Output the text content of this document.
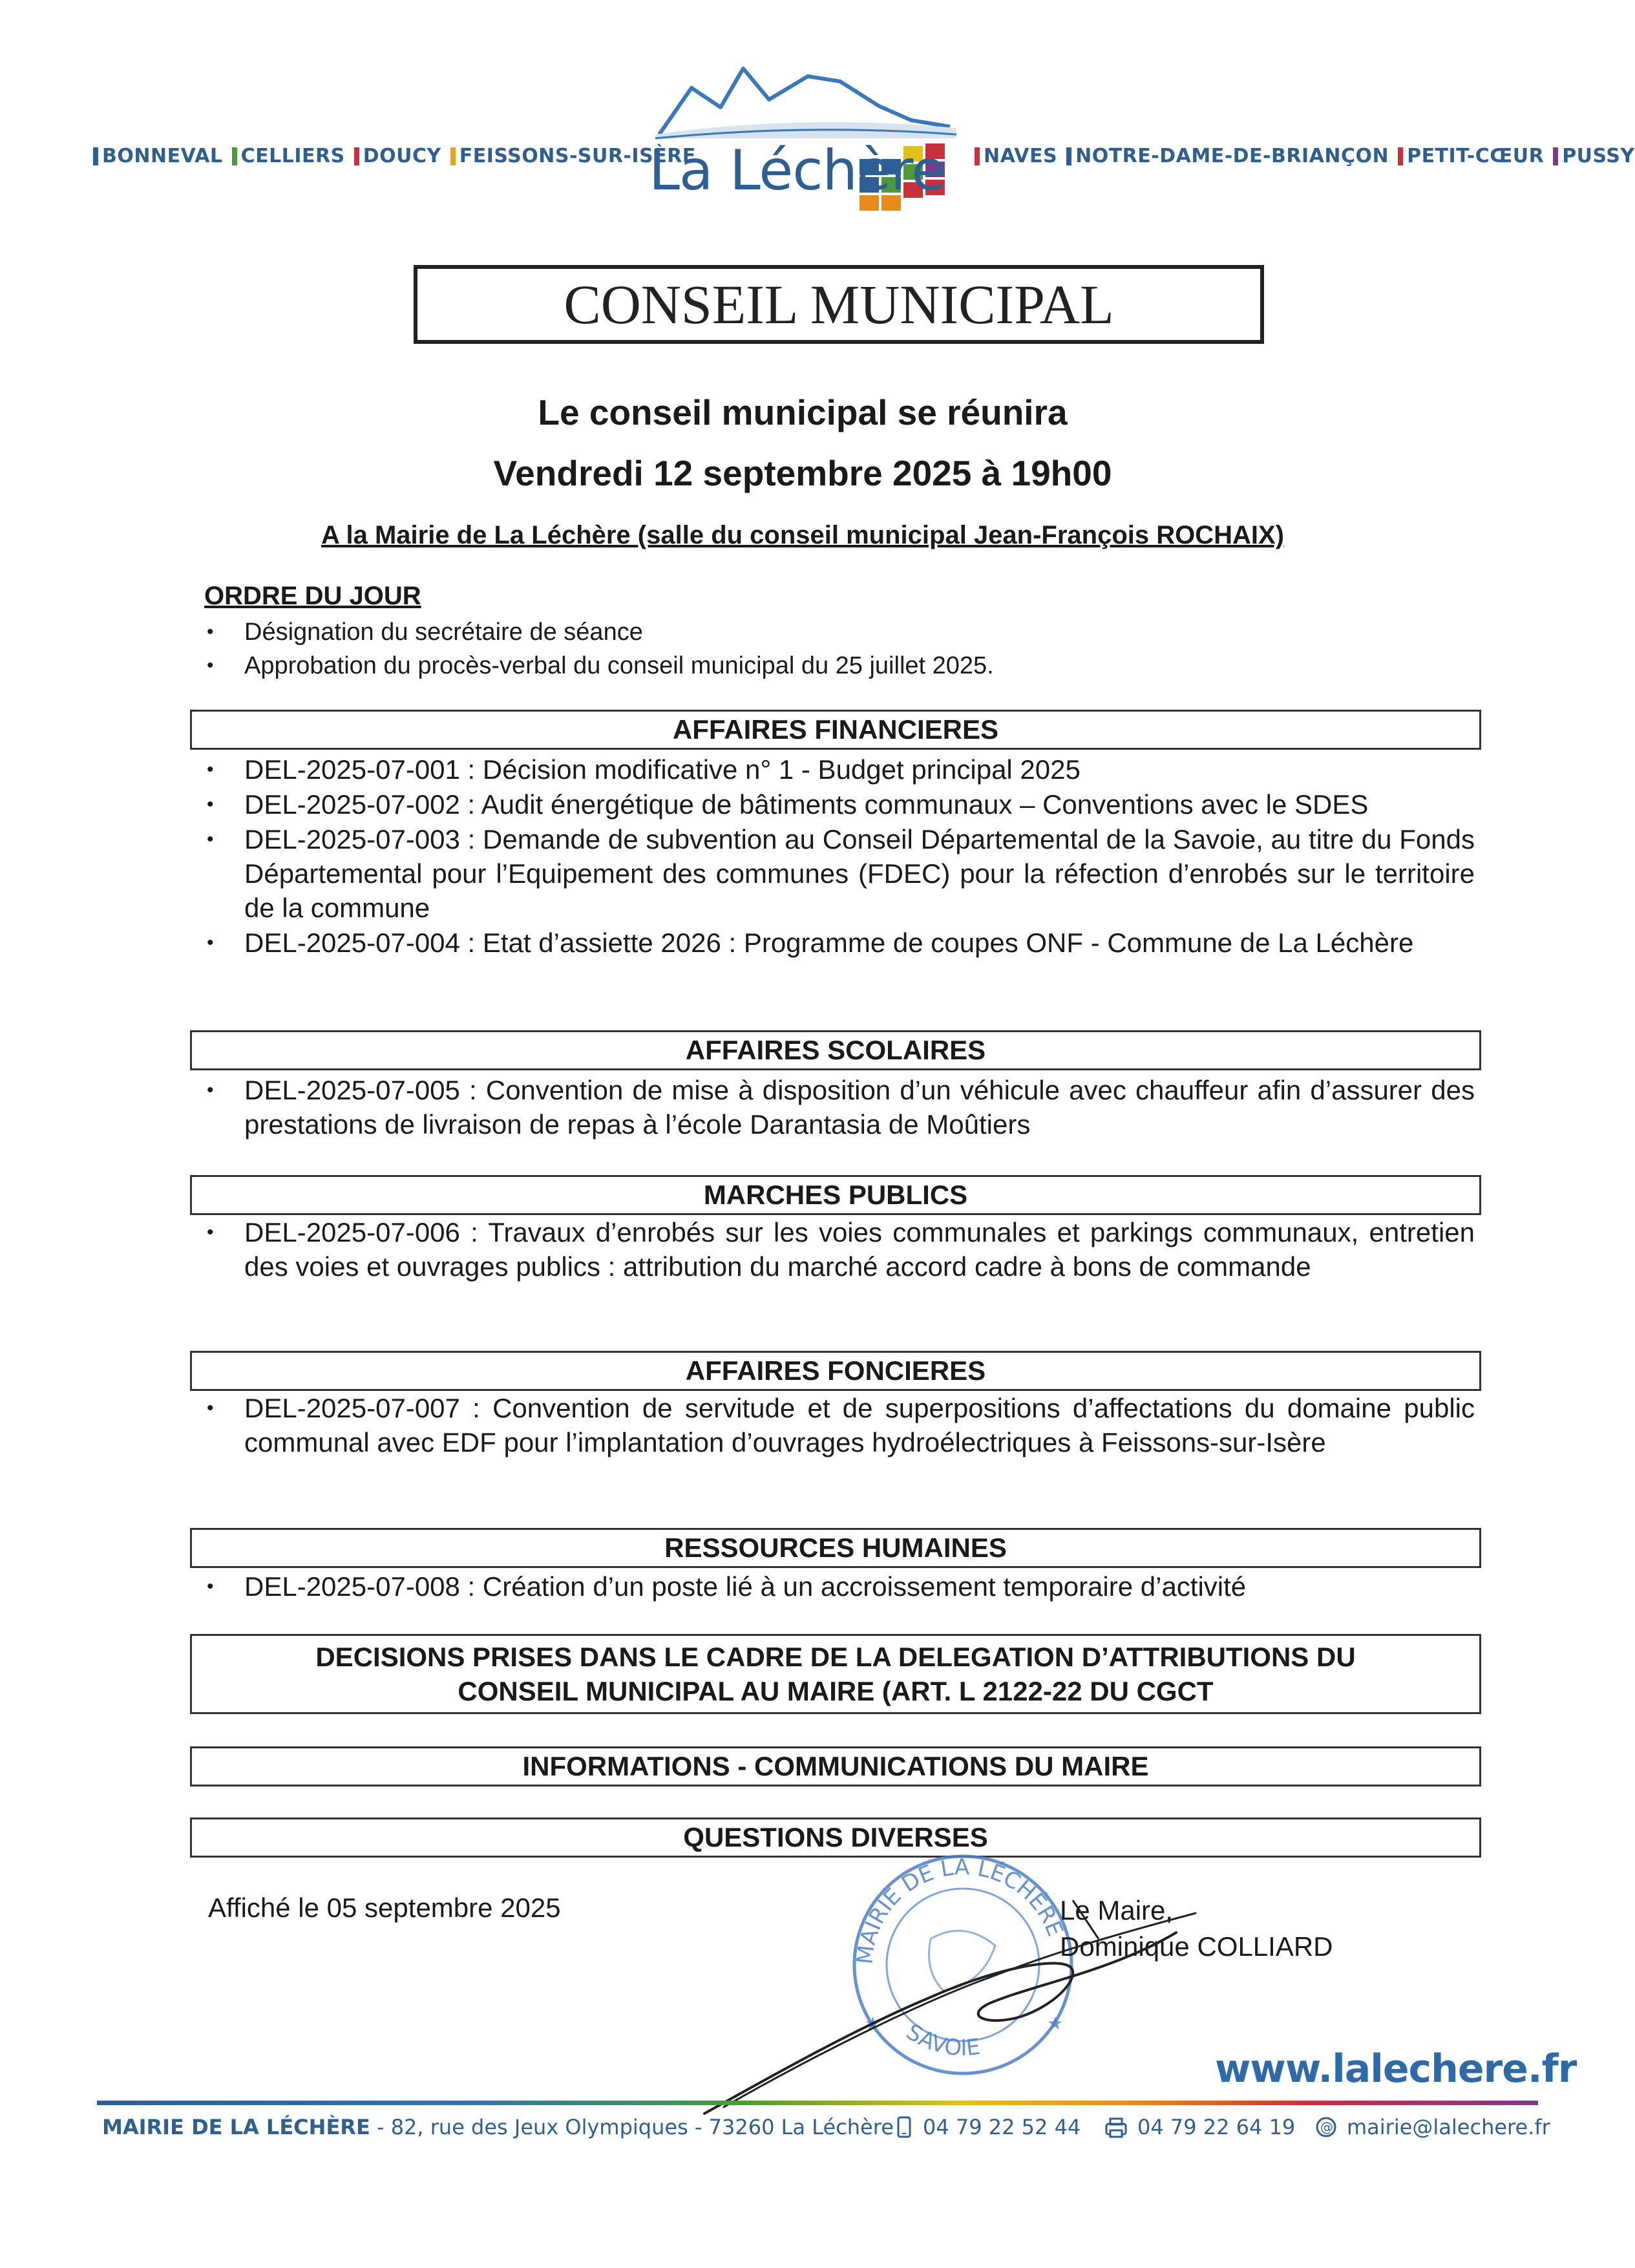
BONNEVAL CELLIERS DOUCY FEISSONS-SUR-ISÈRE
La Léchère NAVES NOTRE-DAME-DE-BRIANÇON PETIT-CŒUR PUSSY
CONSEIL MUNICIPAL
Le conseil municipal se réunira
Vendredi 12 septembre 2025 à 19h00
A la Mairie de La Léchère (salle du conseil municipal Jean-François ROCHAIX)
ORDRE DU JOUR
•	Désignation du secrétaire de séance
•	Approbation du procès-verbal du conseil municipal du 25 juillet 2025.
AFFAIRES FINANCIERES
•	DEL-2025-07-001 : Décision modificative n° 1 - Budget principal 2025
•	DEL-2025-07-002 : Audit énergétique de bâtiments communaux – Conventions avec le SDES
•	DEL-2025-07-003 : Demande de subvention au Conseil Départemental de la Savoie, au titre du Fonds Départemental pour l’Equipement des communes (FDEC) pour la réfection d’enrobés sur le territoire de la commune
•	DEL-2025-07-004 : Etat d’assiette 2026 : Programme de coupes ONF - Commune de La Léchère
AFFAIRES SCOLAIRES
•	DEL-2025-07-005 : Convention de mise à disposition d’un véhicule avec chauffeur afin d’assurer des prestations de livraison de repas à l’école Darantasia de Moûtiers
MARCHES PUBLICS
•	DEL-2025-07-006 : Travaux d’enrobés sur les voies communales et parkings communaux, entretien des voies et ouvrages publics : attribution du marché accord cadre à bons de commande
AFFAIRES FONCIERES
•	DEL-2025-07-007 : Convention de servitude et de superpositions d’affectations du domaine public communal avec EDF pour l’implantation d’ouvrages hydroélectriques à Feissons-sur-Isère
RESSOURCES HUMAINES
•	DEL-2025-07-008 : Création d’un poste lié à un accroissement temporaire d’activité
DECISIONS PRISES DANS LE CADRE DE LA DELEGATION D’ATTRIBUTIONS DU
CONSEIL MUNICIPAL AU MAIRE (ART. L 2122-22 DU CGCT
INFORMATIONS - COMMUNICATIONS DU MAIRE
QUESTIONS DIVERSES
Affiché le 05 septembre 2025
MAIRIE DE LA LÉCHÈRE
SAVOIE
★
★
Le Maire,
Dominique COLLIARD
www.lalechere.fr
MAIRIE DE LA LÉCHÈRE - 82, rue des Jeux Olympiques - 73260 La Léchère 04 79 22 52 44	04 79 22 64 19 @ mairie@lalechere.fr
